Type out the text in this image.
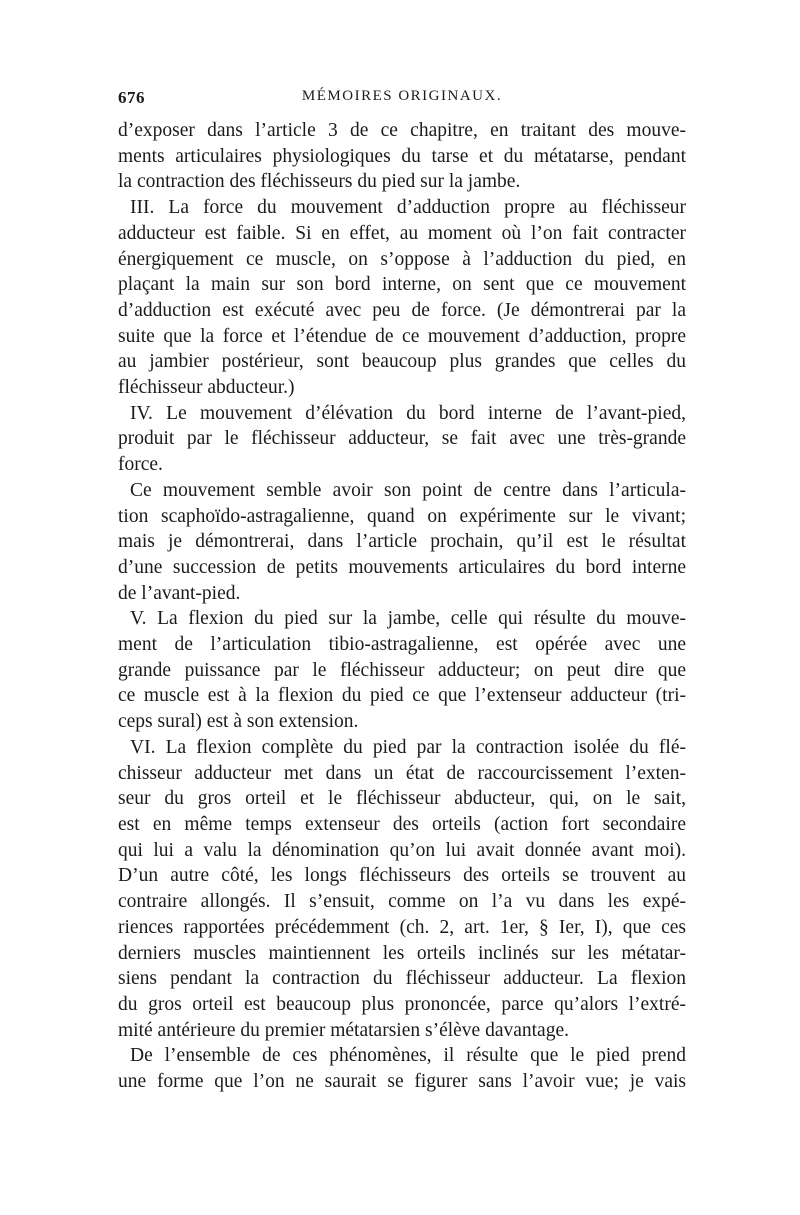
676	MÉMOIRES ORIGINAUX.

d’exposer dans l’article 3 de ce chapitre, en traitant des mouve-
ments articulaires physiologiques du tarse et du métatarse, pendant
la contraction des fléchisseurs du pied sur la jambe.

III. La force du mouvement d’adduction propre au fléchisseur
adducteur est faible. Si en effet, au moment où l’on fait contracter
énergiquement ce muscle, on s’oppose à l’adduction du pied, en
plaçant la main sur son bord interne, on sent que ce mouvement
d’adduction est exécuté avec peu de force. (Je démontrerai par la
suite que la force et l’étendue de ce mouvement d’adduction, propre
au jambier postérieur, sont beaucoup plus grandes que celles du
fléchisseur abducteur.)

IV. Le mouvement d’élévation du bord interne de l’avant-pied,
produit par le fléchisseur adducteur, se fait avec une très-grande
force.

Ce mouvement semble avoir son point de centre dans l’articula-
tion scaphoïdo-astragalienne, quand on expérimente sur le vivant;
mais je démontrerai, dans l’article prochain, qu’il est le résultat
d’une succession de petits mouvements articulaires du bord interne
de l’avant-pied.

V. La flexion du pied sur la jambe, celle qui résulte du mouve-
ment de l’articulation tibio-astragalienne, est opérée avec une
grande puissance par le fléchisseur adducteur; on peut dire que
ce muscle est à la flexion du pied ce que l’extenseur adducteur (tri-
ceps sural) est à son extension.

VI. La flexion complète du pied par la contraction isolée du flé-
chisseur adducteur met dans un état de raccourcissement l’exten-
seur du gros orteil et le fléchisseur abducteur, qui, on le sait,
est en même temps extenseur des orteils (action fort secondaire
qui lui a valu la dénomination qu’on lui avait donnée avant moi).
D’un autre côté, les longs fléchisseurs des orteils se trouvent au
contraire allongés. Il s’ensuit, comme on l’a vu dans les expé-
riences rapportées précédemment (ch. 2, art. 1er, § Ier, I), que ces
derniers muscles maintiennent les orteils inclinés sur les métatar-
siens pendant la contraction du fléchisseur adducteur. La flexion
du gros orteil est beaucoup plus prononcée, parce qu’alors l’extré-
mité antérieure du premier métatarsien s’élève davantage.

De l’ensemble de ces phénomènes, il résulte que le pied prend
une forme que l’on ne saurait se figurer sans l’avoir vue; je vais
